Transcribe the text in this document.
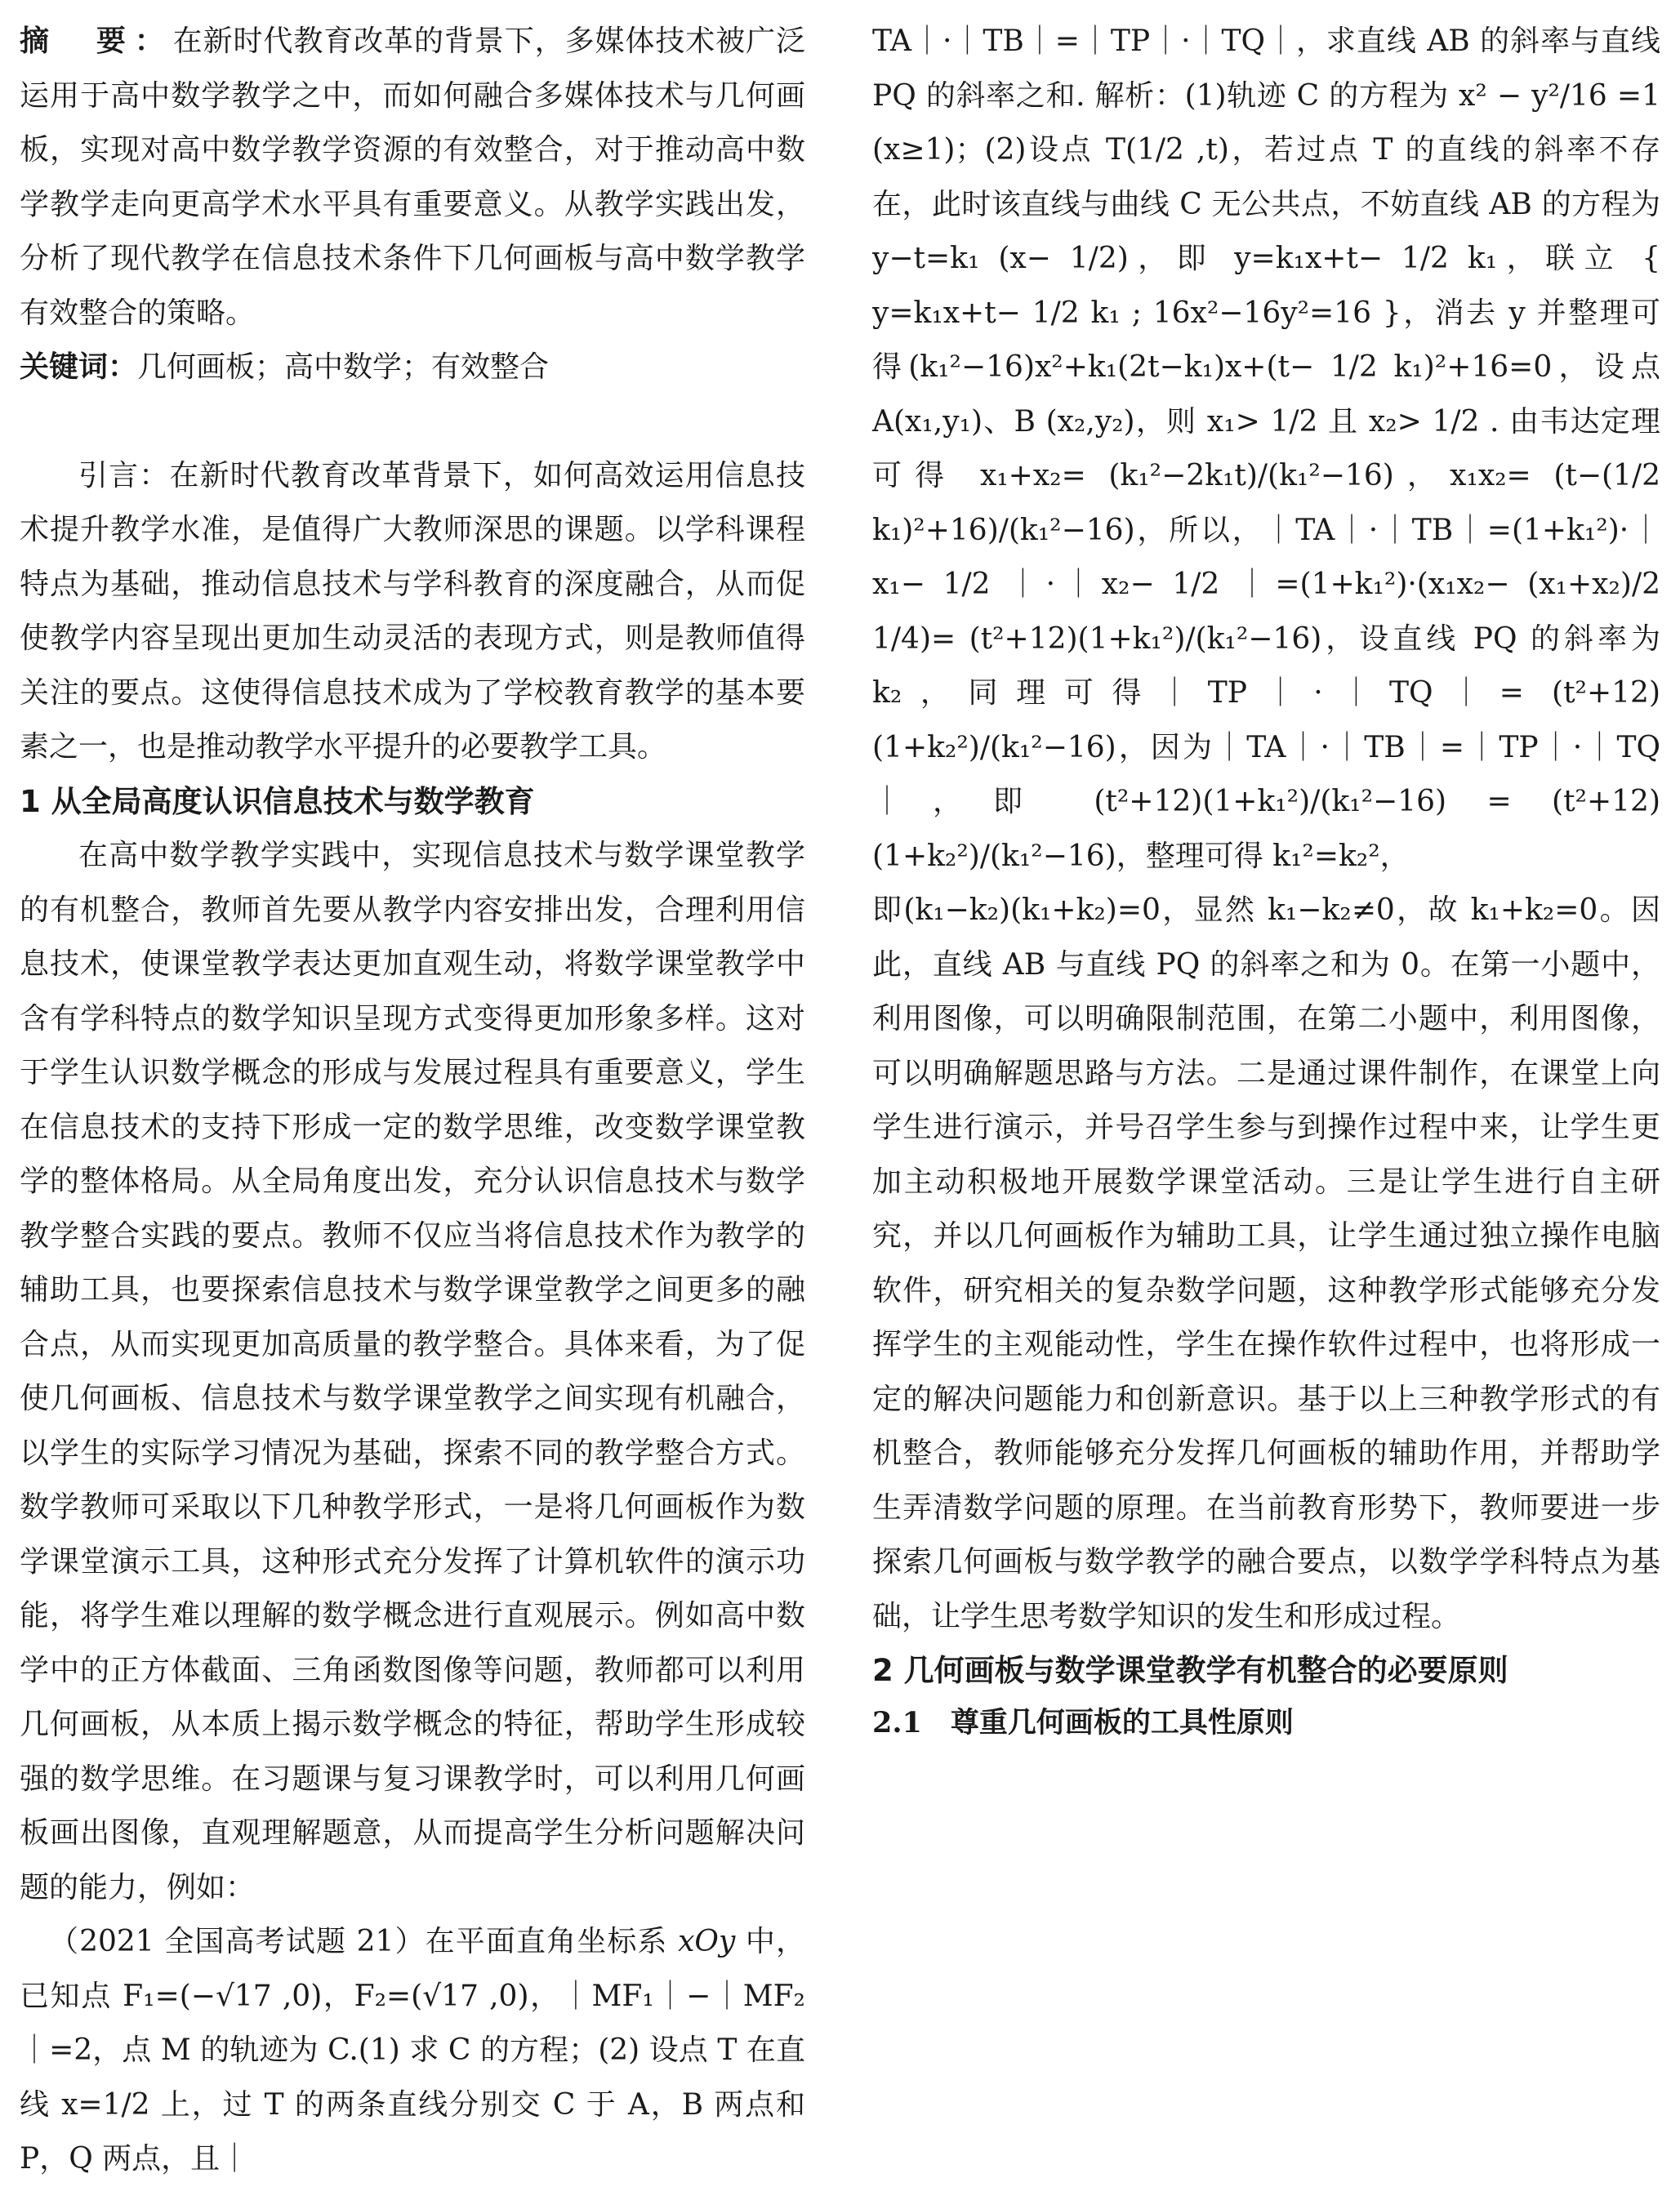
摘　要：在新时代教育改革的背景下，多媒体技术被广泛运用于高中数学教学之中，而如何融合多媒体技术与几何画板，实现对高中数学教学资源的有效整合，对于推动高中数学教学走向更高学术水平具有重要意义。从教学实践出发，分析了现代教学在信息技术条件下几何画板与高中数学教学有效整合的策略。

关键词：几何画板；高中数学；有效整合

引言：在新时代教育改革背景下，如何高效运用信息技术提升教学水准，是值得广大教师深思的课题。以学科课程特点为基础，推动信息技术与学科教育的深度融合，从而促使教学内容呈现出更加生动灵活的表现方式，则是教师值得关注的要点。这使得信息技术成为了学校教育教学的基本要素之一，也是推动教学水平提升的必要教学工具。

1 从全局高度认识信息技术与数学教育

在高中数学教学实践中，实现信息技术与数学课堂教学的有机整合，教师首先要从教学内容安排出发，合理利用信息技术，使课堂教学表达更加直观生动，将数学课堂教学中含有学科特点的数学知识呈现方式变得更加形象多样。这对于学生认识数学概念的形成与发展过程具有重要意义，学生在信息技术的支持下形成一定的数学思维，改变数学课堂教学的整体格局。从全局角度出发，充分认识信息技术与数学教学整合实践的要点。教师不仅应当将信息技术作为教学的辅助工具，也要探索信息技术与数学课堂教学之间更多的融合点，从而实现更加高质量的教学整合。具体来看，为了促使几何画板、信息技术与数学课堂教学之间实现有机融合，以学生的实际学习情况为基础，探索不同的教学整合方式。数学教师可采取以下几种教学形式，一是将几何画板作为数学课堂演示工具，这种形式充分发挥了计算机软件的演示功能，将学生难以理解的数学概念进行直观展示。例如高中数学中的正方体截面、三角函数图像等问题，教师都可以利用几何画板，从本质上揭示数学概念的特征，帮助学生形成较强的数学思维。在习题课与复习课教学时，可以利用几何画板画出图像，直观理解题意，从而提高学生分析问题解决问题的能力，例如：

（2021 全国高考试题 21）在平面直角坐标系 xOy 中，已知点 F₁=(−√17 ,0)，F₂=(√17 ,0)，｜MF₁｜−｜MF₂｜=2，点 M 的轨迹为 C.(1) 求 C 的方程；(2) 设点 T 在直线 x=1/2 上，过 T 的两条直线分别交 C 于 A，B 两点和 P，Q 两点，且｜

TA｜·｜TB｜=｜TP｜·｜TQ｜，求直线 AB 的斜率与直线 PQ 的斜率之和. 解析：(1)轨迹 C 的方程为 x² − y²/16 =1 (x≥1)；(2)设点 T(1/2 ,t)，若过点 T 的直线的斜率不存在，此时该直线与曲线 C 无公共点，不妨直线 AB 的方程为 y−t=k₁ (x− 1/2)，即 y=k₁x+t− 1/2 k₁，联立 { y=k₁x+t− 1/2 k₁ ; 16x²−16y²=16 }，消去 y 并整理可得(k₁²−16)x²+k₁(2t−k₁)x+(t− 1/2 k₁)²+16=0，设点 A(x₁,y₁)、B (x₂,y₂)，则 x₁> 1/2 且 x₂> 1/2 . 由韦达定理可得 x₁+x₂= (k₁²−2k₁t)/(k₁²−16)，x₁x₂= (t−(1/2 k₁)²+16)/(k₁²−16)，所以，｜TA｜·｜TB｜=(1+k₁²)·｜x₁− 1/2 ｜·｜x₂− 1/2 ｜=(1+k₁²)·(x₁x₂− (x₁+x₂)/2 1/4)= (t²+12)(1+k₁²)/(k₁²−16)，设直线 PQ 的斜率为 k₂，同理可得｜TP｜·｜TQ｜= (t²+12)(1+k₂²)/(k₁²−16)，因为｜TA｜·｜TB｜=｜TP｜·｜TQ｜，即 (t²+12)(1+k₁²)/(k₁²−16) = (t²+12)(1+k₂²)/(k₁²−16)，整理可得 k₁²=k₂²，

即(k₁−k₂)(k₁+k₂)=0，显然 k₁−k₂≠0，故 k₁+k₂=0。因此，直线 AB 与直线 PQ 的斜率之和为 0。在第一小题中，利用图像，可以明确限制范围，在第二小题中，利用图像，可以明确解题思路与方法。二是通过课件制作，在课堂上向学生进行演示，并号召学生参与到操作过程中来，让学生更加主动积极地开展数学课堂活动。三是让学生进行自主研究，并以几何画板作为辅助工具，让学生通过独立操作电脑软件，研究相关的复杂数学问题，这种教学形式能够充分发挥学生的主观能动性，学生在操作软件过程中，也将形成一定的解决问题能力和创新意识。基于以上三种教学形式的有机整合，教师能够充分发挥几何画板的辅助作用，并帮助学生弄清数学问题的原理。在当前教育形势下，教师要进一步探索几何画板与数学教学的融合要点，以数学学科特点为基础，让学生思考数学知识的发生和形成过程。

2 几何画板与数学课堂教学有机整合的必要原则
2.1　尊重几何画板的工具性原则
